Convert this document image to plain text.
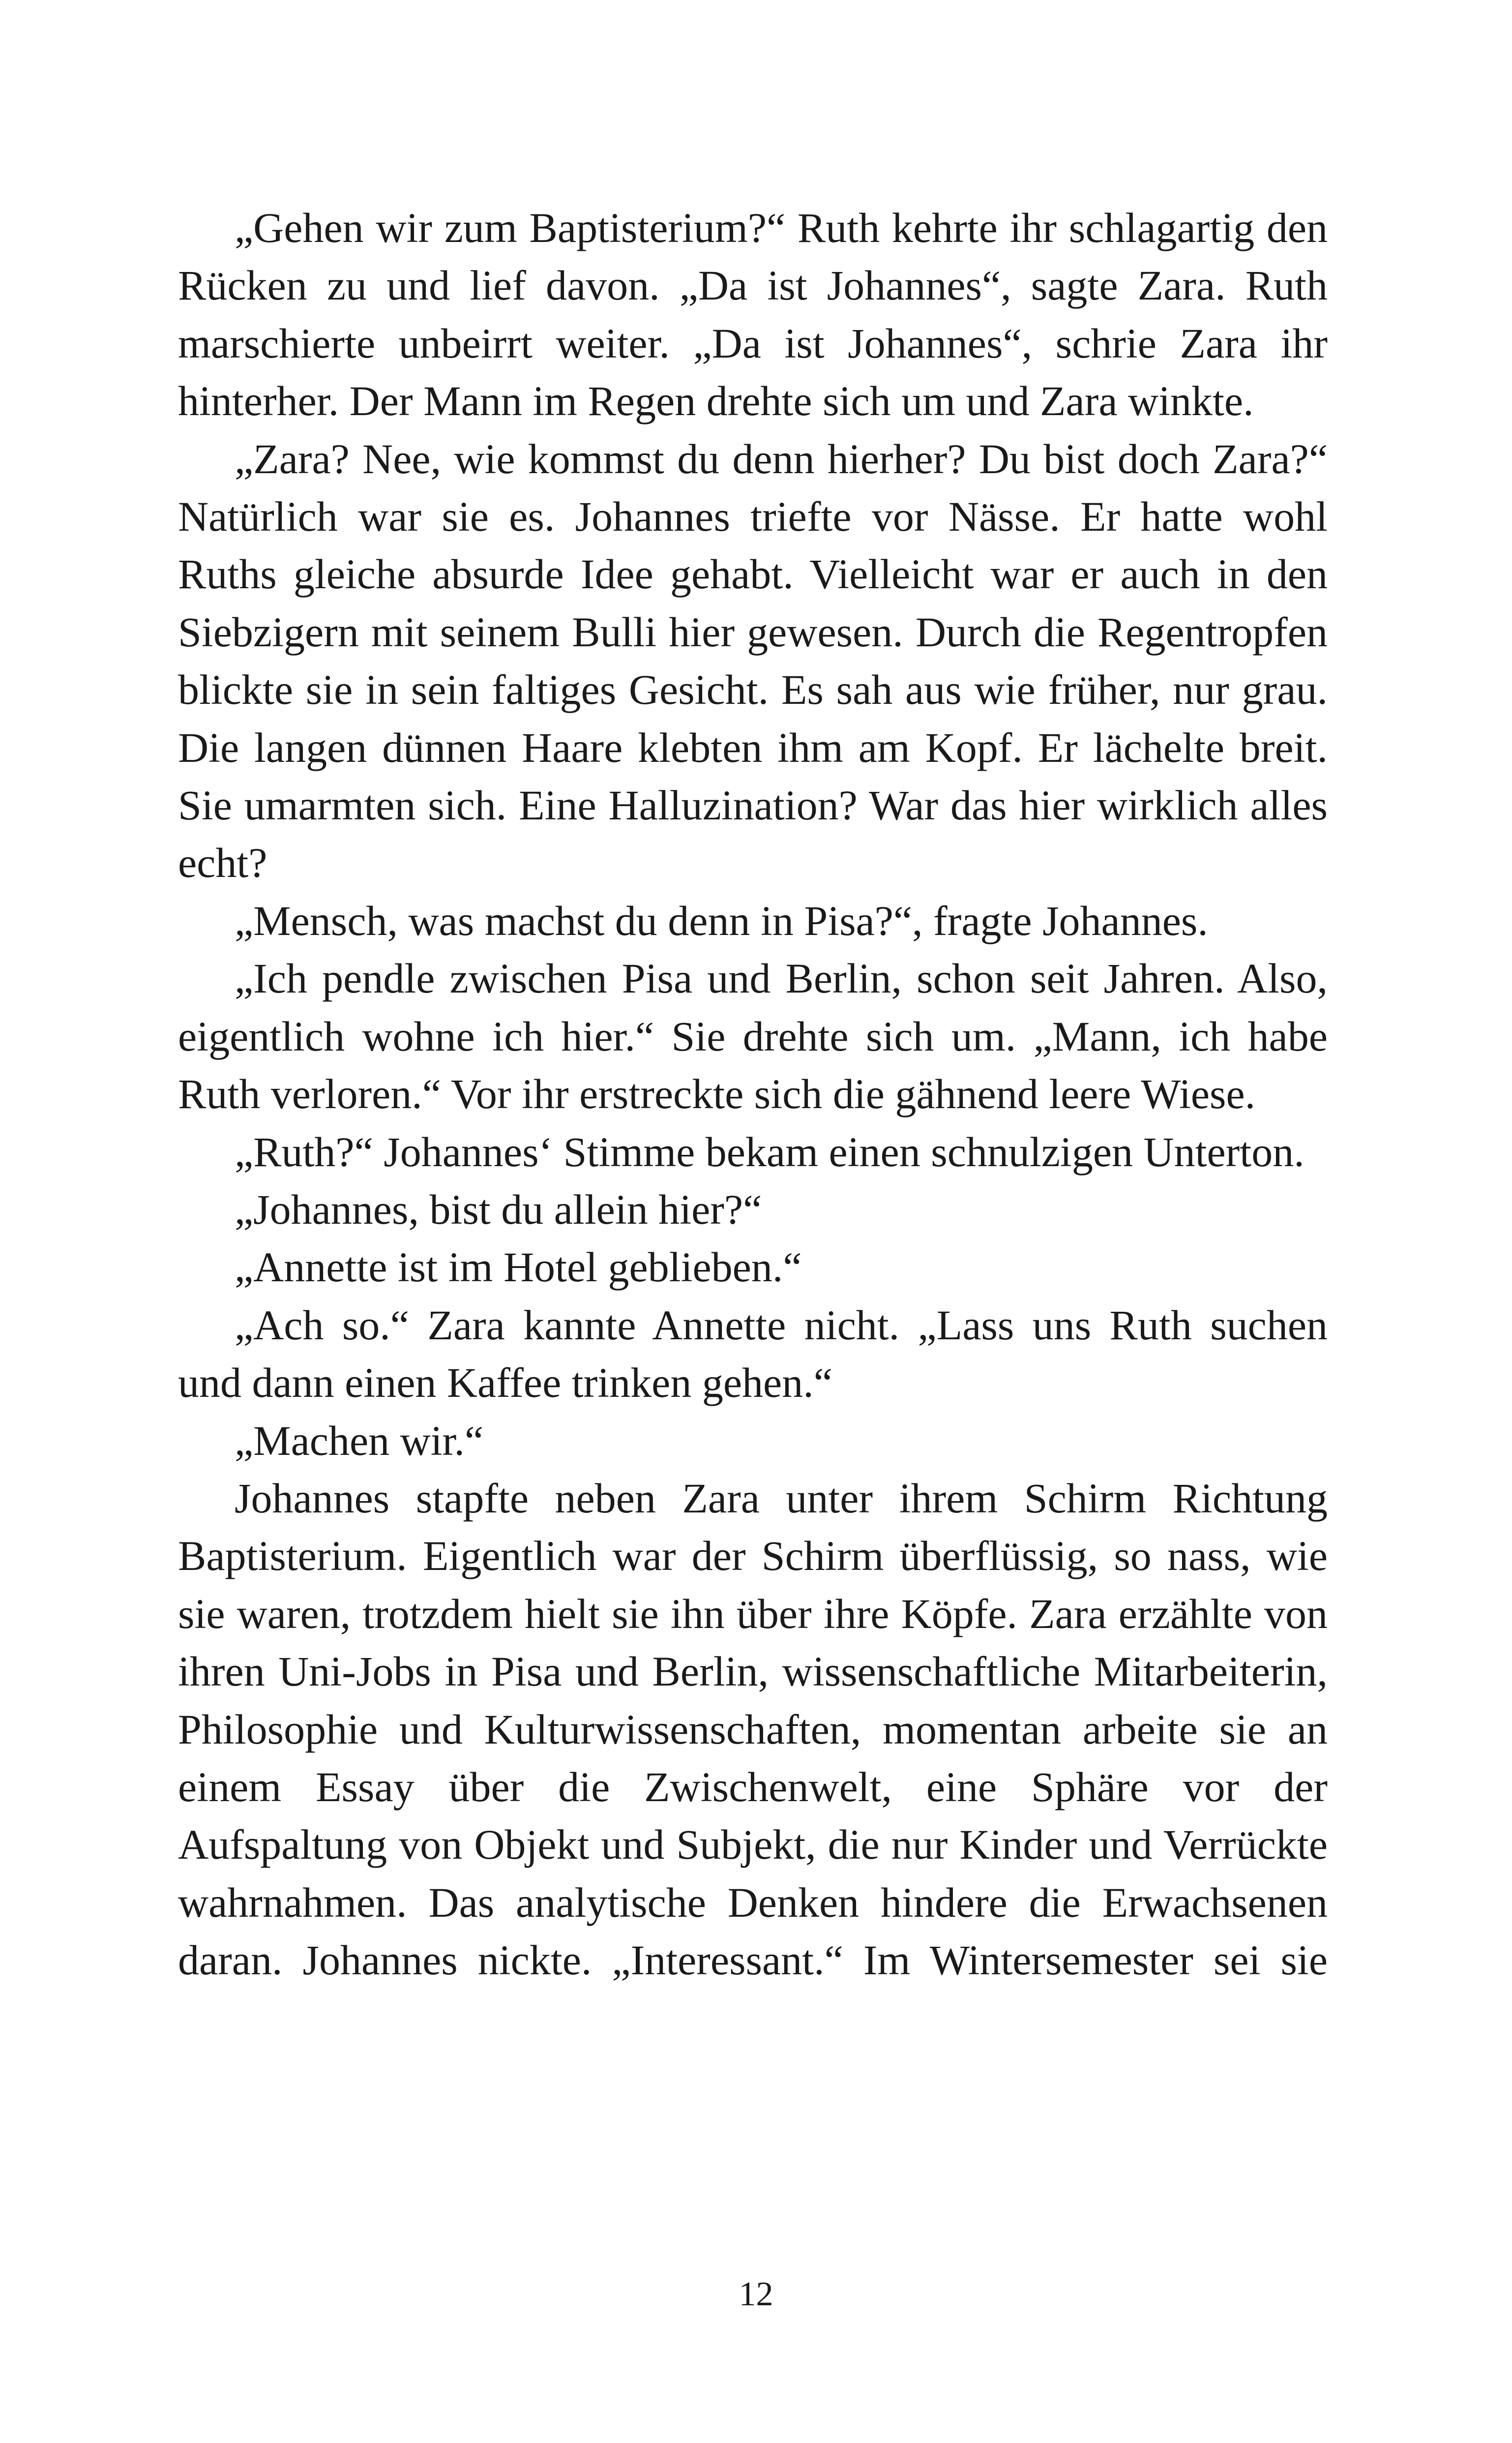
„Gehen wir zum Baptisterium?“ Ruth kehrte ihr schlagartig den Rücken zu und lief davon. „Da ist Johannes“, sagte Zara. Ruth marschierte unbeirrt weiter. „Da ist Johannes“, schrie Zara ihr hinterher. Der Mann im Regen drehte sich um und Zara winkte.

„Zara? Nee, wie kommst du denn hierher? Du bist doch Zara?“ Natürlich war sie es. Johannes triefte vor Nässe. Er hatte wohl Ruths gleiche absurde Idee gehabt. Vielleicht war er auch in den Siebzigern mit seinem Bulli hier gewesen. Durch die Regentropfen blickte sie in sein faltiges Gesicht. Es sah aus wie früher, nur grau. Die langen dünnen Haare klebten ihm am Kopf. Er lächelte breit. Sie umarmten sich. Eine Halluzination? War das hier wirklich alles echt?

„Mensch, was machst du denn in Pisa?“, fragte Johannes.

„Ich pendle zwischen Pisa und Berlin, schon seit Jahren. Also, eigentlich wohne ich hier.“ Sie drehte sich um. „Mann, ich habe Ruth verloren.“ Vor ihr erstreckte sich die gähnend leere Wiese.

„Ruth?“ Johannes‘ Stimme bekam einen schnulzigen Unterton.

„Johannes, bist du allein hier?“

„Annette ist im Hotel geblieben.“

„Ach so.“ Zara kannte Annette nicht. „Lass uns Ruth suchen und dann einen Kaffee trinken gehen.“

„Machen wir.“

Johannes stapfte neben Zara unter ihrem Schirm Richtung Baptisterium. Eigentlich war der Schirm überflüssig, so nass, wie sie waren, trotzdem hielt sie ihn über ihre Köpfe. Zara erzählte von ihren Uni-Jobs in Pisa und Berlin, wissenschaftliche Mitarbeiterin, Philosophie und Kulturwissenschaften, momentan arbeite sie an einem Essay über die Zwischenwelt, eine Sphäre vor der Aufspaltung von Objekt und Subjekt, die nur Kinder und Verrückte wahrnahmen. Das analytische Denken hindere die Erwachsenen daran. Johannes nickte. „Interessant.“ Im Wintersemester sei sie

12
